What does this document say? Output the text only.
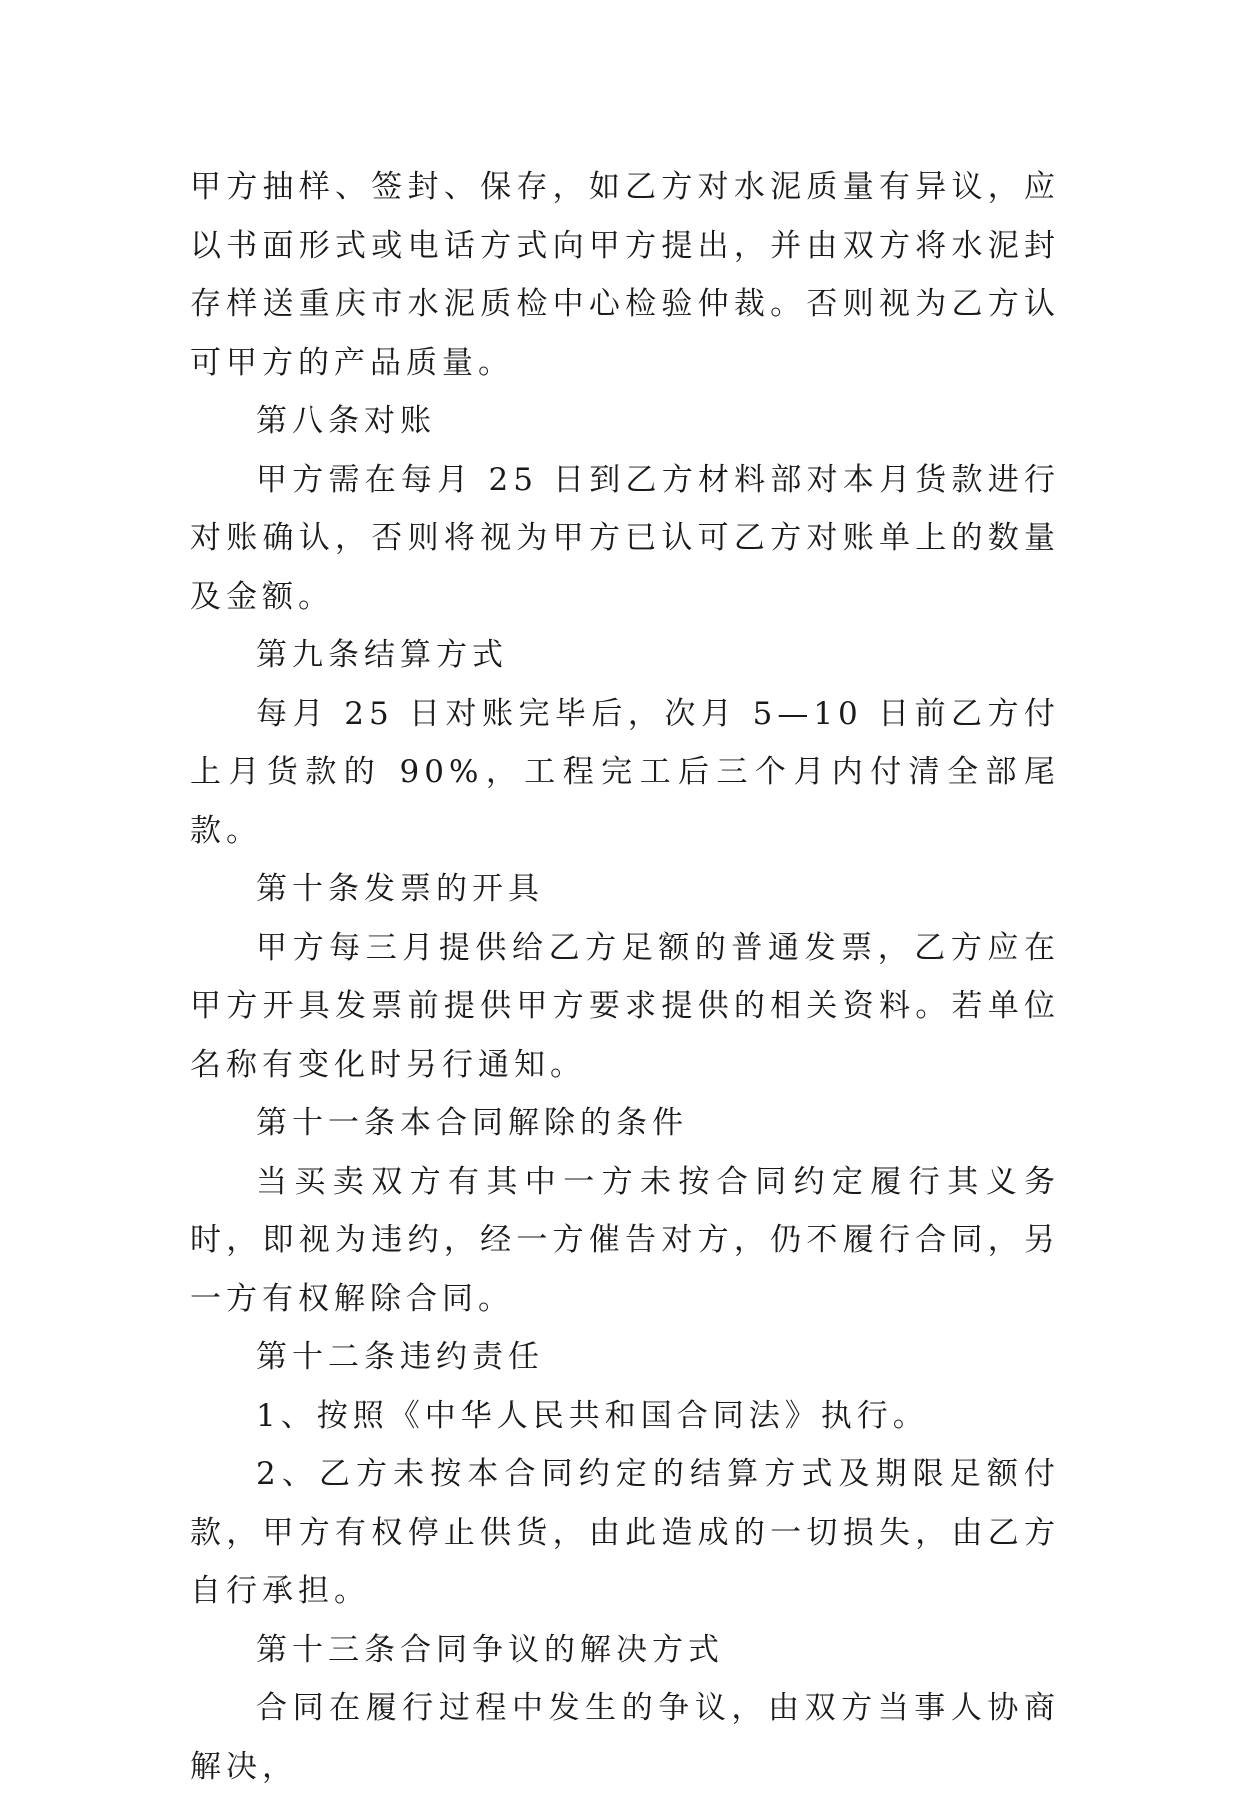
甲方抽样、签封、保存，如乙方对水泥质量有异议，应以书面形式或电话方式向甲方提出，并由双方将水泥封存样送重庆市水泥质检中心检验仲裁。否则视为乙方认可甲方的产品质量。

第八条对账

甲方需在每月 25 日到乙方材料部对本月货款进行对账确认，否则将视为甲方已认可乙方对账单上的数量及金额。

第九条结算方式

每月 25 日对账完毕后，次月 5—10 日前乙方付上月货款的 90%，工程完工后三个月内付清全部尾款。

第十条发票的开具

甲方每三月提供给乙方足额的普通发票，乙方应在甲方开具发票前提供甲方要求提供的相关资料。若单位名称有变化时另行通知。

第十一条本合同解除的条件

当买卖双方有其中一方未按合同约定履行其义务时，即视为违约，经一方催告对方，仍不履行合同，另一方有权解除合同。

第十二条违约责任

1、按照《中华人民共和国合同法》执行。

2、乙方未按本合同约定的结算方式及期限足额付款，甲方有权停止供货，由此造成的一切损失，由乙方自行承担。

第十三条合同争议的解决方式

合同在履行过程中发生的争议，由双方当事人协商解决，
